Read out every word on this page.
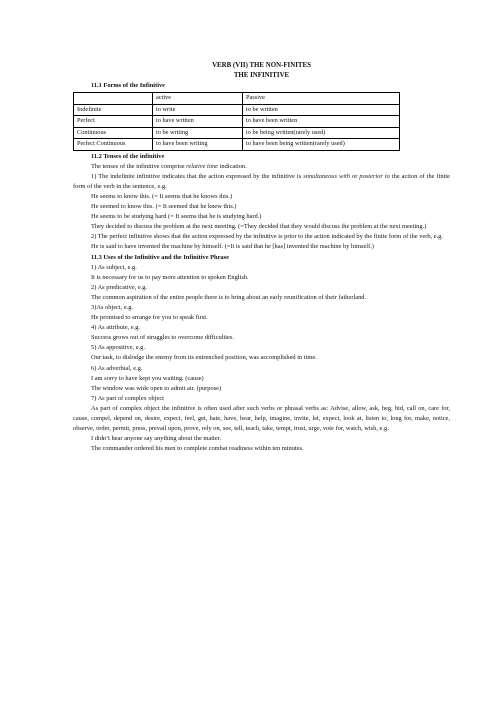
VERB (VII) THE NON-FINITES
THE INFINITIVE
11.1 Forms of the Infinitive
	active	Passive
Indefinite	to write	to be written
Perfect	to have written	to have been written
Continuous	to be writing	to be being written(rarely used)
Perfect Continuous	to have been writing	to have been being written(rarely used)
11.2 Tenses of the infinitive

The tenses of the infinitive comprise relative time indication.

1) The indefinite infinitive indicates that the action expressed by the infinitive is simultaneous with or posterior to the action of the finite form of the verb in the sentence, e.g.

He seems to know this. (= It seems that he knows this.)

He seemed to know this. (= It seemed that he knew this.)

He seems to be studying hard (= It seems that he is studying hard.)

They decided to discuss the problem at the next meeting. (=They decided that they would discuss the problem at the next meeting.)

2) The perfect infinitive shows that the action expressed by the infinitive is prior to the action indicated by the finite form of the verb, e.g.

He is said to have invented the machine by himself. (=It is said that he [has] invented the machine by himself.)

11.3 Uses of the Infinitive and the Infinitive Phrase

1) As subject, e.g.

It is necessary for us to pay more attention to spoken English.

2) As predicative, e.g.

The common aspiration of the entire people there is to bring about an early reunification of their fatherland.

3)As object, e.g.

He promised to arrange for you to speak first.

4) As attribute, e.g.

Success grows out of struggles to overcome difficulties.

5) As appositive, e.g.

Our task, to dislodge the enemy from its entrenched position, was accomplished in time.

6) As adverbial, e.g.

I am sorry to have kept you waiting. (cause)

The window was wide open to admit air. (purpose)

7) As part of complex object

As part of complex object the infinitive is often used after such verbs or phrasal verbs as: Advise, allow, ask, beg, bid, call on, care for, cause, compel, depend on, desire, expect, feel, get, hate, have, hear, help, imagine, invite, let, expect, look at, listen to, long for, make, notice, observe, order, permit, press, prevail upon, prove, rely on, see, tell, teach, take, tempt, trust, urge, vote for, watch, wish, e.g.

I didn’t hear anyone say anything about the matter.

The commander ordered his men to complete combat readiness within ten minutes.
